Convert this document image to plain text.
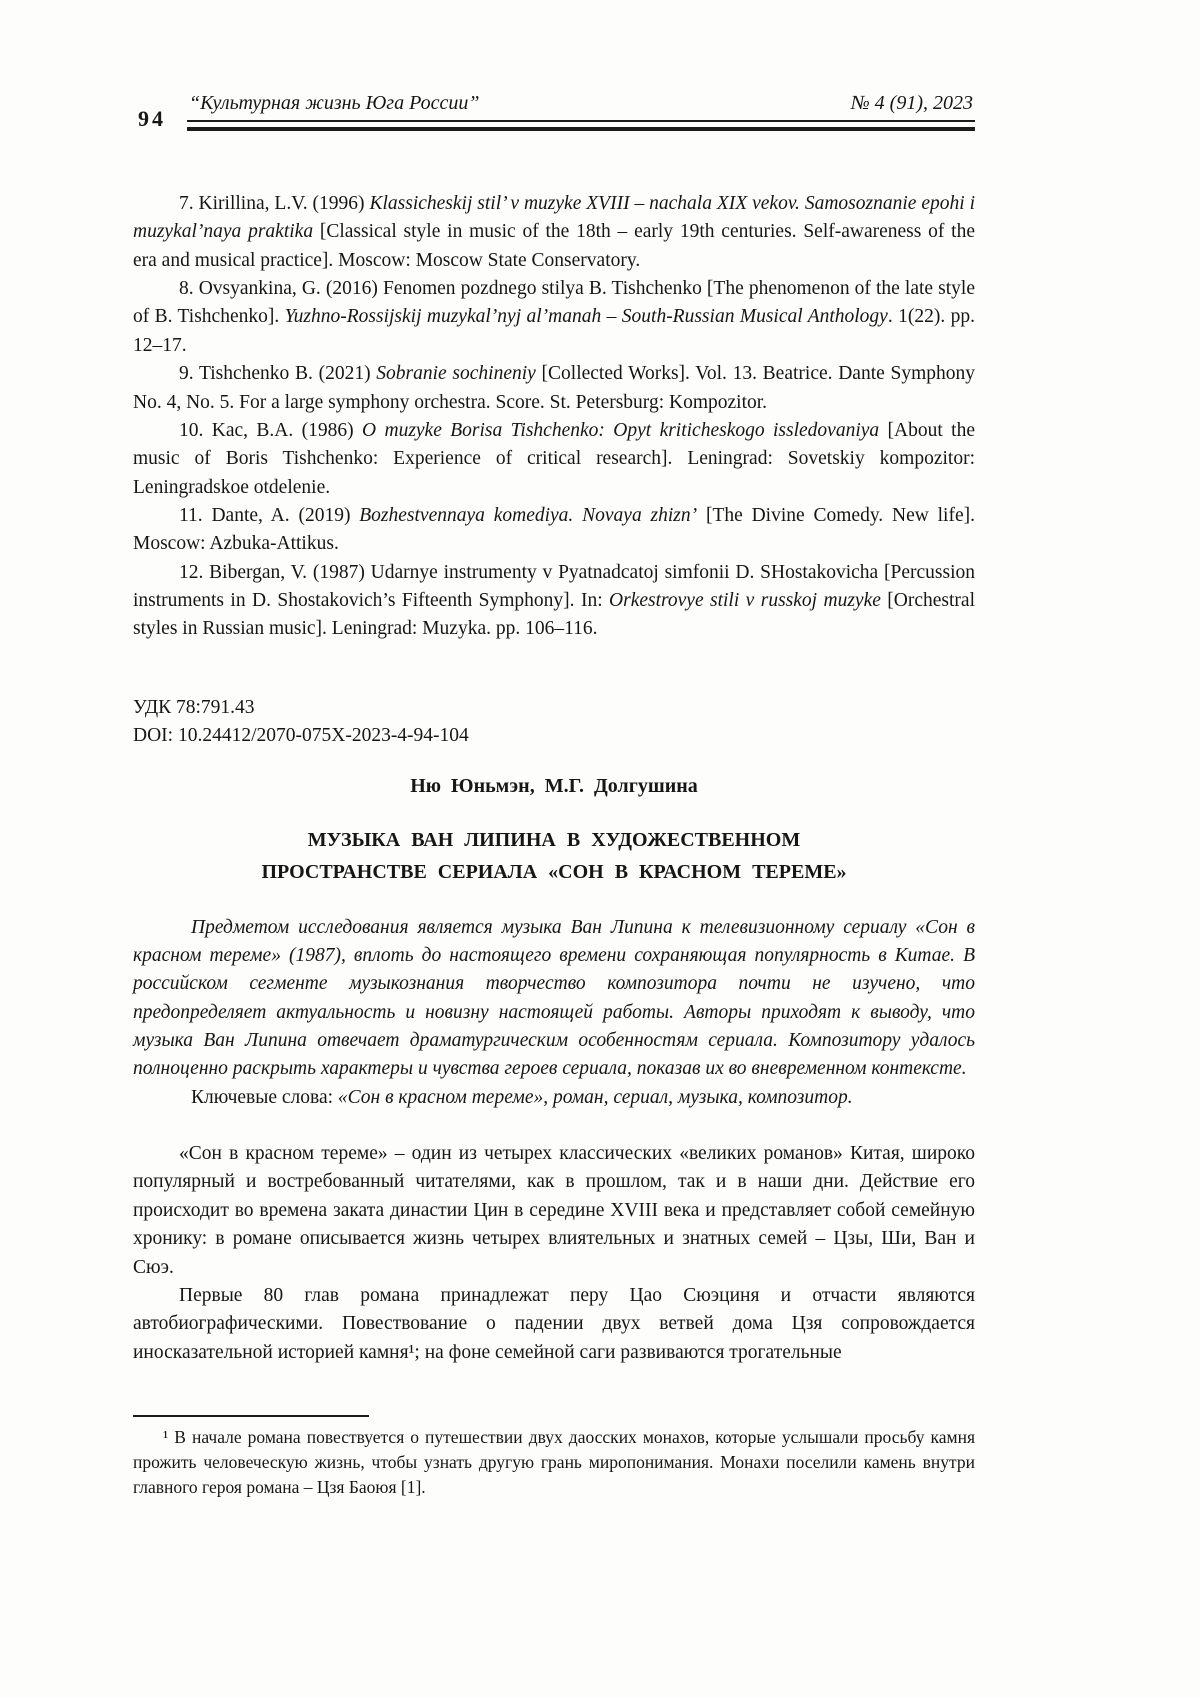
94
“Культурная жизнь Юга России”	№ 4 (91), 2023

7. Kirillina, L.V. (1996) Klassicheskij stil’ v muzyke XVIII – nachala XIX vekov. Samosoznanie epohi i muzykal’naya praktika [Classical style in music of the 18th – early 19th centuries. Self-awareness of the era and musical practice]. Moscow: Moscow State Conservatory.

8. Ovsyankina, G. (2016) Fenomen pozdnego stilya B. Tishchenko [The phenomenon of the late style of B. Tishchenko]. Yuzhno-Rossijskij muzykal’nyj al’manah – South-Russian Musical Anthology. 1(22). pp. 12–17.

9. Tishchenko B. (2021) Sobranie sochineniy [Collected Works]. Vol. 13. Beatrice. Dante Symphony No. 4, No. 5. For a large symphony orchestra. Score. St. Petersburg: Kompozitor.

10. Kac, B.A. (1986) O muzyke Borisa Tishchenko: Opyt kriticheskogo issledovaniya [About the music of Boris Tishchenko: Experience of critical research]. Leningrad: Sovetskiy kompozitor: Leningradskoe otdelenie.

11. Dante, A. (2019) Bozhestvennaya komediya. Novaya zhizn’ [The Divine Comedy. New life]. Moscow: Azbuka-Attikus.

12. Bibergan, V. (1987) Udarnye instrumenty v Pyatnadcatoj simfonii D. SHostakovicha [Percussion instruments in D. Shostakovich’s Fifteenth Symphony]. In: Orkestrovye stili v russkoj muzyke [Orchestral styles in Russian music]. Leningrad: Muzyka. pp. 106–116.

УДК 78:791.43
DOI: 10.24412/2070-075X-2023-4-94-104
Ню Юньмэн, М.Г. Долгушина
МУЗЫКА ВАН ЛИПИНА В ХУДОЖЕСТВЕННОМ
ПРОСТРАНСТВЕ СЕРИАЛА «СОН В КРАСНОМ ТЕРЕМЕ»

Предметом исследования является музыка Ван Липина к телевизионному сериалу «Сон в красном тереме» (1987), вплоть до настоящего времени сохраняющая популярность в Китае. В российском сегменте музыкознания творчество композитора почти не изучено, что предопределяет актуальность и новизну настоящей работы. Авторы приходят к выводу, что музыка Ван Липина отвечает драматургическим особенностям сериала. Композитору удалось полноценно раскрыть характеры и чувства героев сериала, показав их во вневременном контексте.

Ключевые слова: «Сон в красном тереме», роман, сериал, музыка, композитор.

«Сон в красном тереме» – один из четырех классических «великих романов» Китая, широко популярный и востребованный читателями, как в прошлом, так и в наши дни. Действие его происходит во времена заката династии Цин в середине XVIII века и представляет собой семейную хронику: в романе описывается жизнь четырех влиятельных и знатных семей – Цзы, Ши, Ван и Сюэ.

Первые 80 глав романа принадлежат перу Цао Сюэциня и отчасти являются автобиографическими. Повествование о падении двух ветвей дома Цзя сопровождается иносказательной историей камня¹; на фоне семейной саги развиваются трогательные

¹ В начале романа повествуется о путешествии двух даосских монахов, которые услышали просьбу камня прожить человеческую жизнь, чтобы узнать другую грань миропонимания. Монахи поселили камень внутри главного героя романа – Цзя Баоюя [1].
